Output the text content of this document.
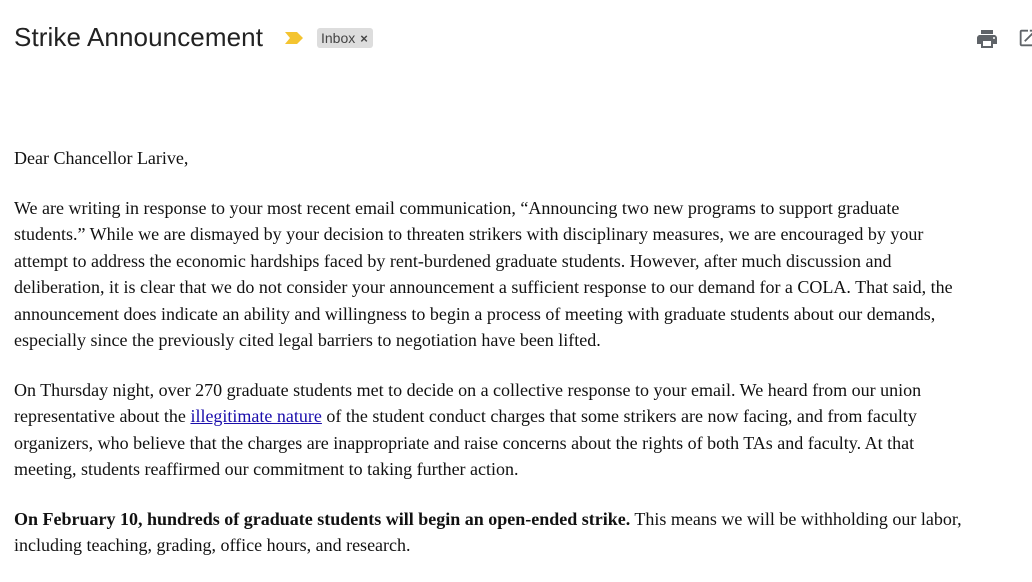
Strike Announcement	Inbox ×

Dear Chancellor Larive,

We are writing in response to your most recent email communication, “Announcing two new programs to support graduate
students.” While we are dismayed by your decision to threaten strikers with disciplinary measures, we are encouraged by your
attempt to address the economic hardships faced by rent-burdened graduate students. However, after much discussion and
deliberation, it is clear that we do not consider your announcement a sufficient response to our demand for a COLA. That said, the
announcement does indicate an ability and willingness to begin a process of meeting with graduate students about our demands,
especially since the previously cited legal barriers to negotiation have been lifted.

On Thursday night, over 270 graduate students met to decide on a collective response to your email. We heard from our union
representative about the illegitimate nature of the student conduct charges that some strikers are now facing, and from faculty
organizers, who believe that the charges are inappropriate and raise concerns about the rights of both TAs and faculty. At that
meeting, students reaffirmed our commitment to taking further action.

On February 10, hundreds of graduate students will begin an open-ended strike. This means we will be withholding our labor,
including teaching, grading, office hours, and research.
